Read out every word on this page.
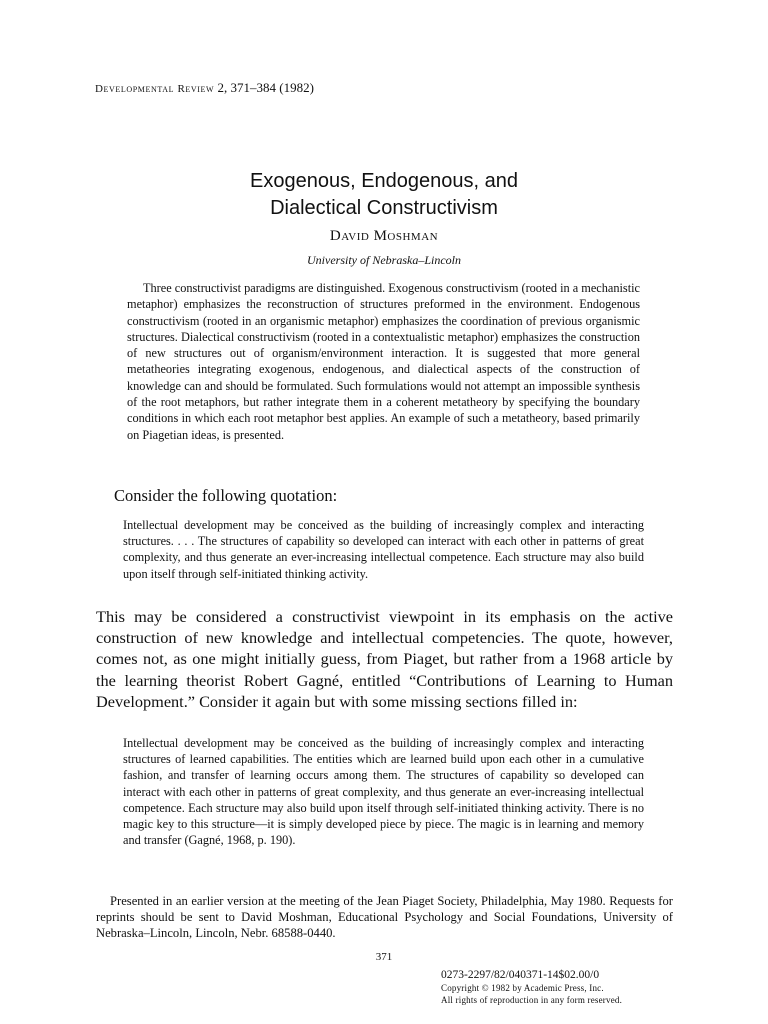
Developmental Review 2, 371–384 (1982)
Exogenous, Endogenous, and
Dialectical Constructivism
David Moshman
University of Nebraska–Lincoln

Three constructivist paradigms are distinguished. Exogenous constructivism (rooted in a mechanistic metaphor) emphasizes the reconstruction of structures preformed in the environment. Endogenous constructivism (rooted in an organismic metaphor) emphasizes the coordination of previous organismic structures. Dialectical constructivism (rooted in a contextualistic metaphor) emphasizes the construction of new structures out of organism/environment interaction. It is suggested that more general metatheories integrating exogenous, endogenous, and dialectical aspects of the construction of knowledge can and should be formulated. Such formulations would not attempt an impossible synthesis of the root metaphors, but rather integrate them in a coherent metatheory by specifying the boundary conditions in which each root metaphor best applies. An example of such a metatheory, based primarily on Piagetian ideas, is presented.

Consider the following quotation:

Intellectual development may be conceived as the building of increasingly complex and interacting structures. . . . The structures of capability so developed can interact with each other in patterns of great complexity, and thus generate an ever-increasing intellectual competence. Each structure may also build upon itself through self-initiated thinking activity.

This may be considered a constructivist viewpoint in its emphasis on the active construction of new knowledge and intellectual competencies. The quote, however, comes not, as one might initially guess, from Piaget, but rather from a 1968 article by the learning theorist Robert Gagné, entitled “Contributions of Learning to Human Development.” Consider it again but with some missing sections filled in:

Intellectual development may be conceived as the building of increasingly complex and interacting structures of learned capabilities. The entities which are learned build upon each other in a cumulative fashion, and transfer of learning occurs among them. The structures of capability so developed can interact with each other in patterns of great complexity, and thus generate an ever-increasing intellectual competence. Each structure may also build upon itself through self-initiated thinking activity. There is no magic key to this structure—it is simply developed piece by piece. The magic is in learning and memory and transfer (Gagné, 1968, p. 190).

Presented in an earlier version at the meeting of the Jean Piaget Society, Philadelphia, May 1980. Requests for reprints should be sent to David Moshman, Educational Psychology and Social Foundations, University of Nebraska–Lincoln, Lincoln, Nebr. 68588-0440.

371
0273-2297/82/040371-14$02.00/0
Copyright © 1982 by Academic Press, Inc.
All rights of reproduction in any form reserved.
